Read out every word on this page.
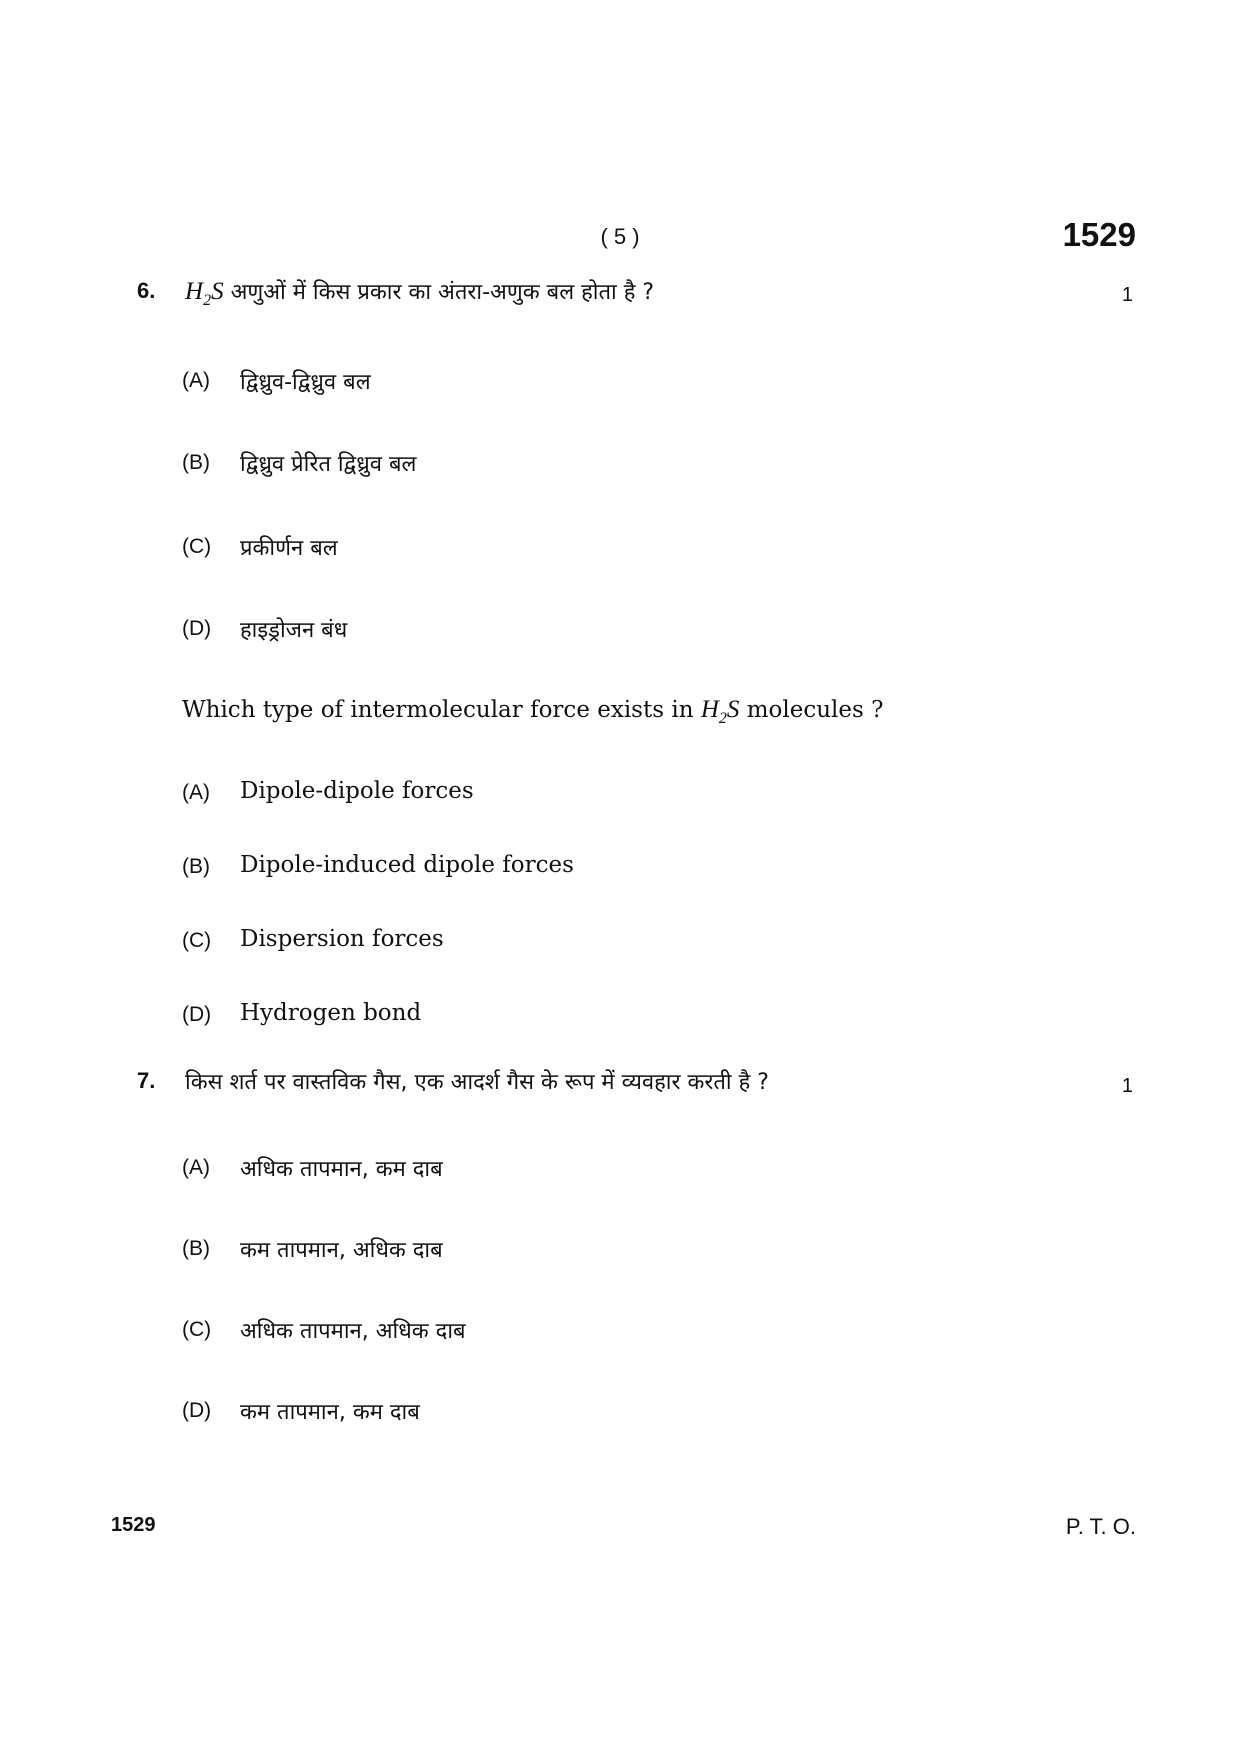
( 5 )	1529
6. $H_2S$ अणुओं में किस प्रकार का अंतरा-अणुक बल होता है ?	1
(A) द्विध्रुव-द्विध्रुव बल
(B) द्विध्रुव प्रेरित द्विध्रुव बल
(C) प्रकीर्णन बल
(D) हाइड्रोजन बंध
Which type of intermolecular force exists in $H_2S$ molecules ?
(A) Dipole-dipole forces
(B) Dipole-induced dipole forces
(C) Dispersion forces
(D) Hydrogen bond
7. किस शर्त पर वास्तविक गैस, एक आदर्श गैस के रूप में व्यवहार करती है ?	1
(A) अधिक तापमान, कम दाब
(B) कम तापमान, अधिक दाब
(C) अधिक तापमान, अधिक दाब
(D) कम तापमान, कम दाब
1529	P. T. O.
